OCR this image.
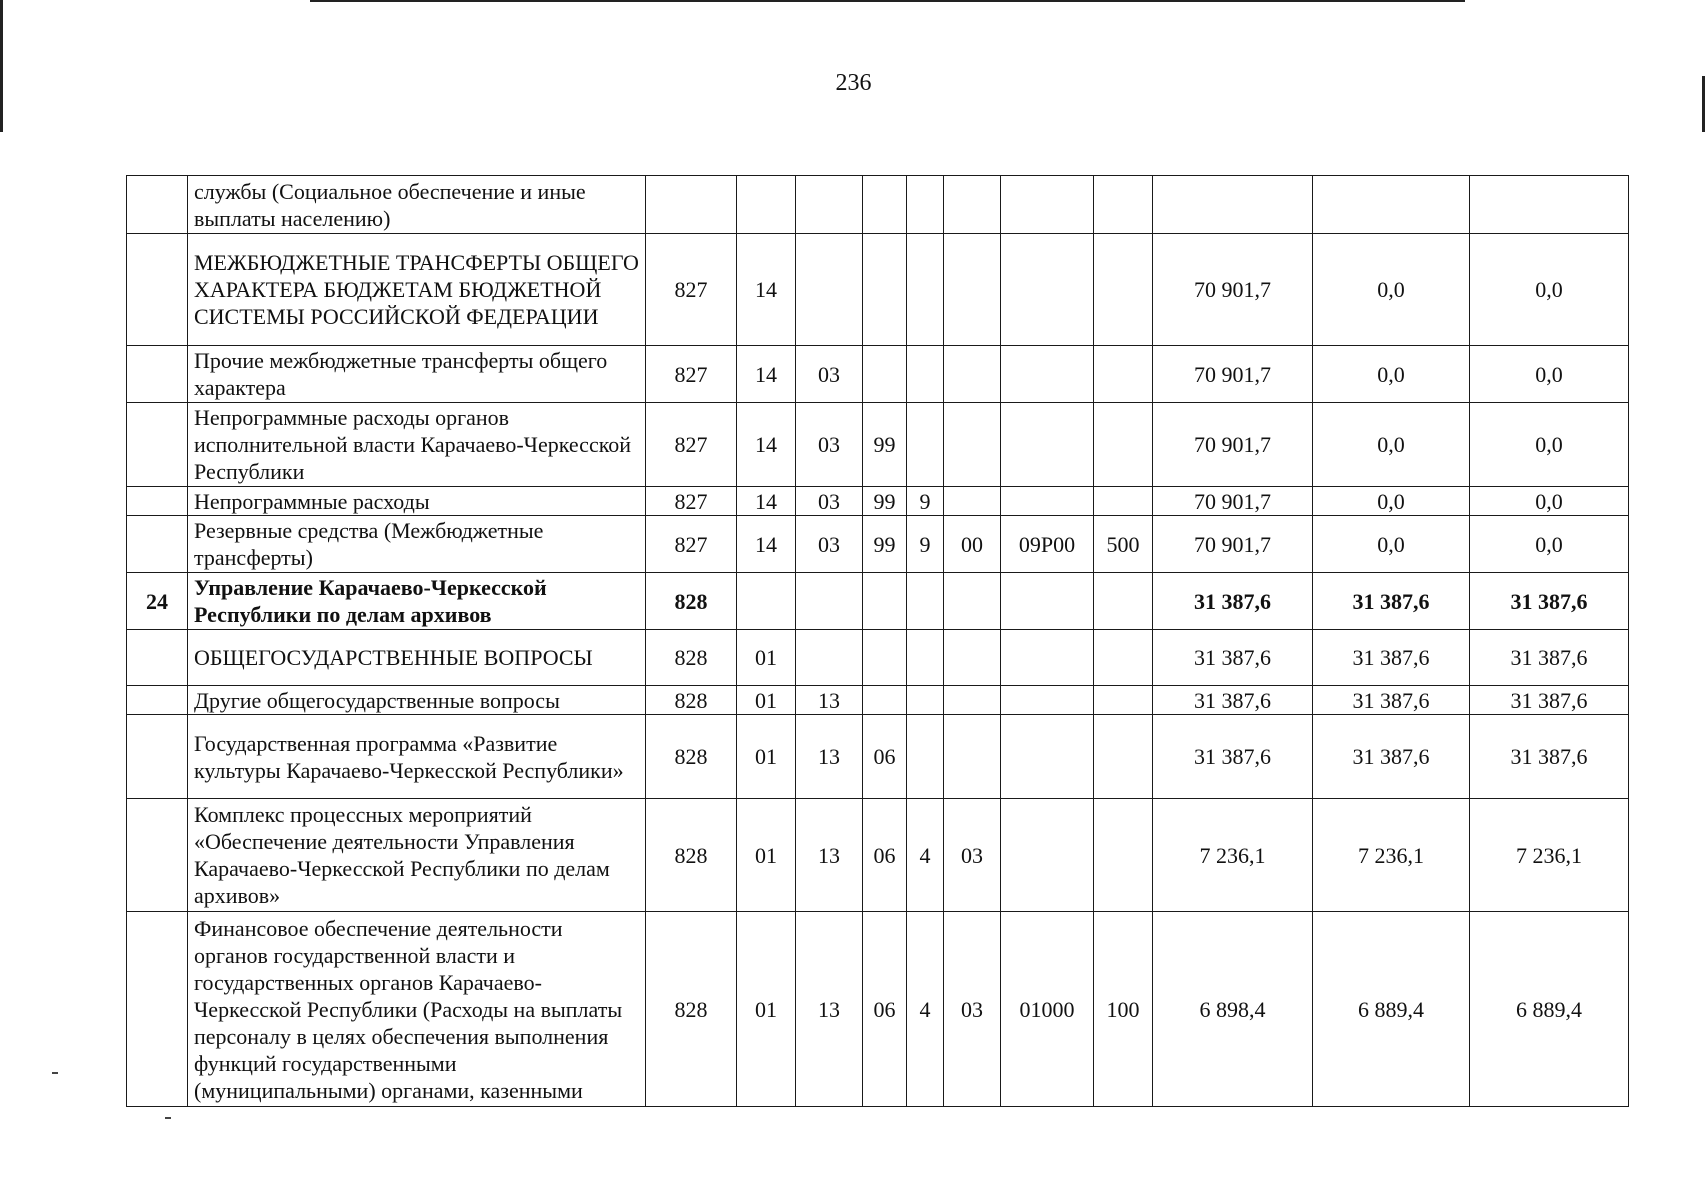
236
	службы (Социальное обеспечение и иные выплаты населению)											
	МЕЖБЮДЖЕТНЫЕ ТРАНСФЕРТЫ ОБЩЕГО ХАРАКТЕРА БЮДЖЕТАМ БЮДЖЕТНОЙ СИСТЕМЫ РОССИЙСКОЙ ФЕДЕРАЦИИ	827	14							70 901,7	0,0	0,0
	Прочие межбюджетные трансферты общего характера	827	14	03						70 901,7	0,0	0,0
	Непрограммные расходы органов исполнительной власти Карачаево-Черкесской Республики	827	14	03	99					70 901,7	0,0	0,0
	Непрограммные расходы	827	14	03	99	9				70 901,7	0,0	0,0
	Резервные средства (Межбюджетные трансферты)	827	14	03	99	9	00	09Р00	500	70 901,7	0,0	0,0
24	Управление Карачаево-Черкесской Республики по делам архивов	828								31 387,6	31 387,6	31 387,6
	ОБЩЕГОСУДАРСТВЕННЫЕ ВОПРОСЫ	828	01							31 387,6	31 387,6	31 387,6
	Другие общегосударственные вопросы	828	01	13						31 387,6	31 387,6	31 387,6
	Государственная программа «Развитие культуры Карачаево-Черкесской Республики»	828	01	13	06					31 387,6	31 387,6	31 387,6
	Комплекс процессных мероприятий «Обеспечение деятельности Управления Карачаево-Черкесской Республики по делам архивов»	828	01	13	06	4	03			7 236,1	7 236,1	7 236,1
	Финансовое обеспечение деятельности органов государственной власти и государственных органов Карачаево-Черкесской Республики (Расходы на выплаты персоналу в целях обеспечения выполнения функций государственными (муниципальными) органами, казенными	828	01	13	06	4	03	01000	100	6 898,4	6 889,4	6 889,4
